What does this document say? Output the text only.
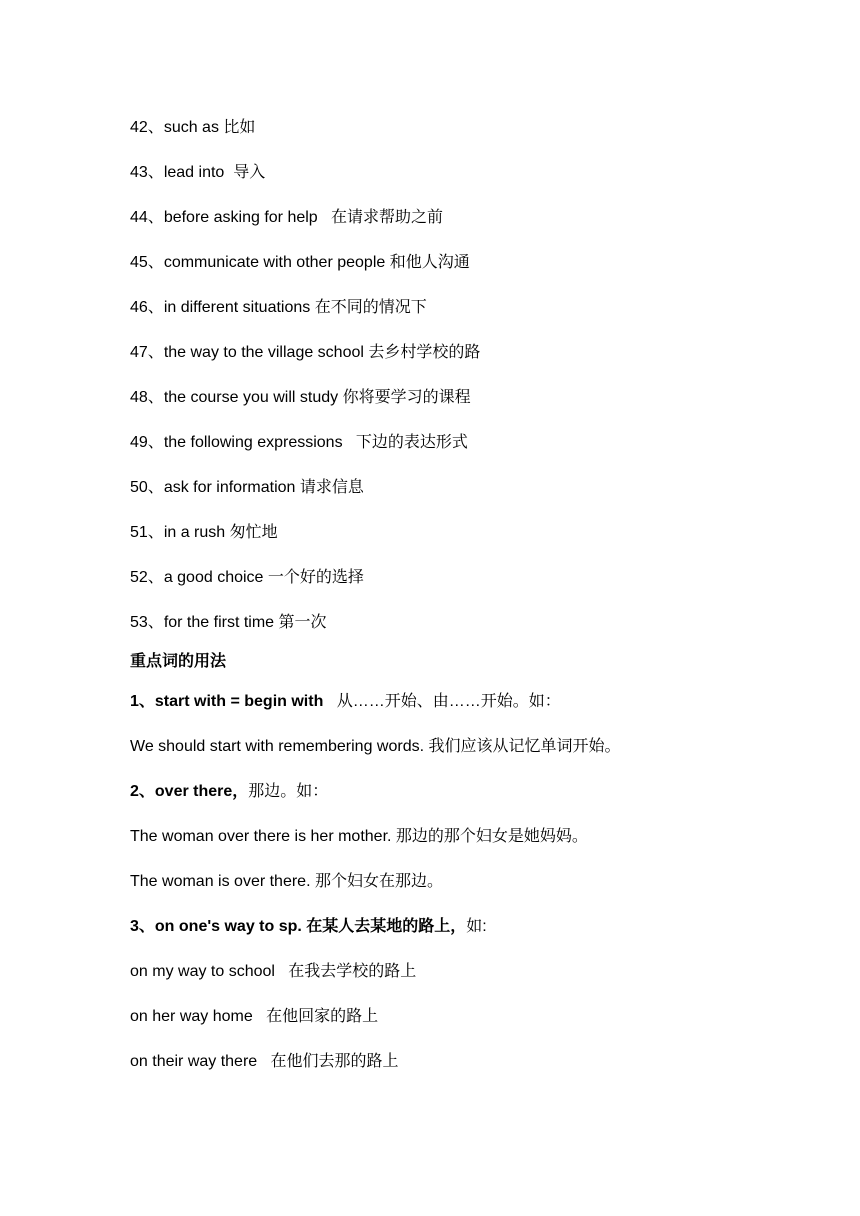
42、such as 比如
43、lead into  导入
44、before asking for help   在请求帮助之前
45、communicate with other people 和他人沟通
46、in different situations 在不同的情况下
47、the way to the village school 去乡村学校的路
48、the course you will study 你将要学习的课程
49、the following expressions   下边的表达形式
50、ask for information 请求信息
51、in a rush 匆忙地
52、a good choice 一个好的选择
53、for the first time 第一次
重点词的用法
1、start with = begin with   从……开始、由……开始。如：
We should start with remembering words. 我们应该从记忆单词开始。
2、over there，那边。如：
The woman over there is her mother. 那边的那个妇女是她妈妈。
The woman is over there. 那个妇女在那边。
3、on one's way to sp. 在某人去某地的路上，如:
on my way to school   在我去学校的路上
on her way home   在他回家的路上
on their way there   在他们去那的路上
